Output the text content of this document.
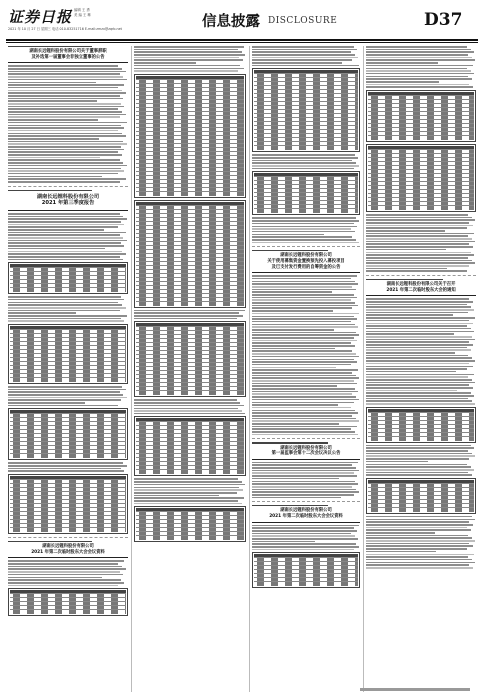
证券日报 编辑 王 勇
美 编 王 琳
2021 年 10 月 27 日 星期三 电话 010-83251716 E-mail:zmzx@zqrb.net	信息披露 DISCLOSURE	D37
湖南长远锂科股份有限公司关于董事辞职
及补选第一届董事会非独立董事的公告
湖南长远锂科股份有限公司
2021 年第三季度报告
湖南长远锂科股份有限公司
2021 年第二次临时股东大会会议资料
湖南长远锂科股份有限公司
关于使用募集资金置换预先投入募投项目
及已支付发行费用的自筹资金的公告
湖南长远锂科股份有限公司
第一届监事会第十二次会议决议公告
湖南长远锂科股份有限公司
2021 年第二次临时股东大会会议资料
湖南长远锂科股份有限公司关于召开
2021 年第二次临时股东大会的通知
